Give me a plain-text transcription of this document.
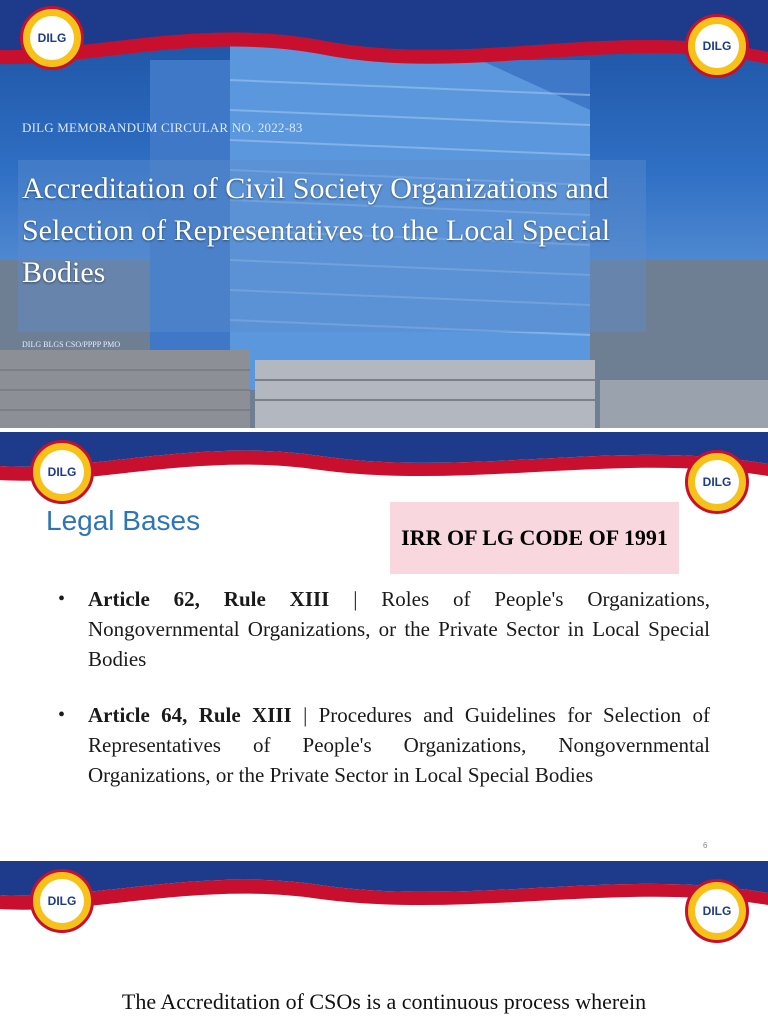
DILG
DILG
DILG MEMORANDUM CIRCULAR NO. 2022-83
Accreditation of Civil Society Organizations and Selection of Representatives to the Local Special Bodies
DILG BLGS CSO/PPPP PMO
DILG
DILG
Legal Bases
IRR OF LG CODE OF 1991
• Article 62, Rule XIII | Roles of People's Organizations, Nongovernmental Organizations, or the Private Sector in Local Special Bodies
• Article 64, Rule XIII | Procedures and Guidelines for Selection of Representatives of People's Organizations, Nongovernmental Organizations, or the Private Sector in Local Special Bodies
6
DILG
DILG
The Accreditation of CSOs is a continuous process wherein
